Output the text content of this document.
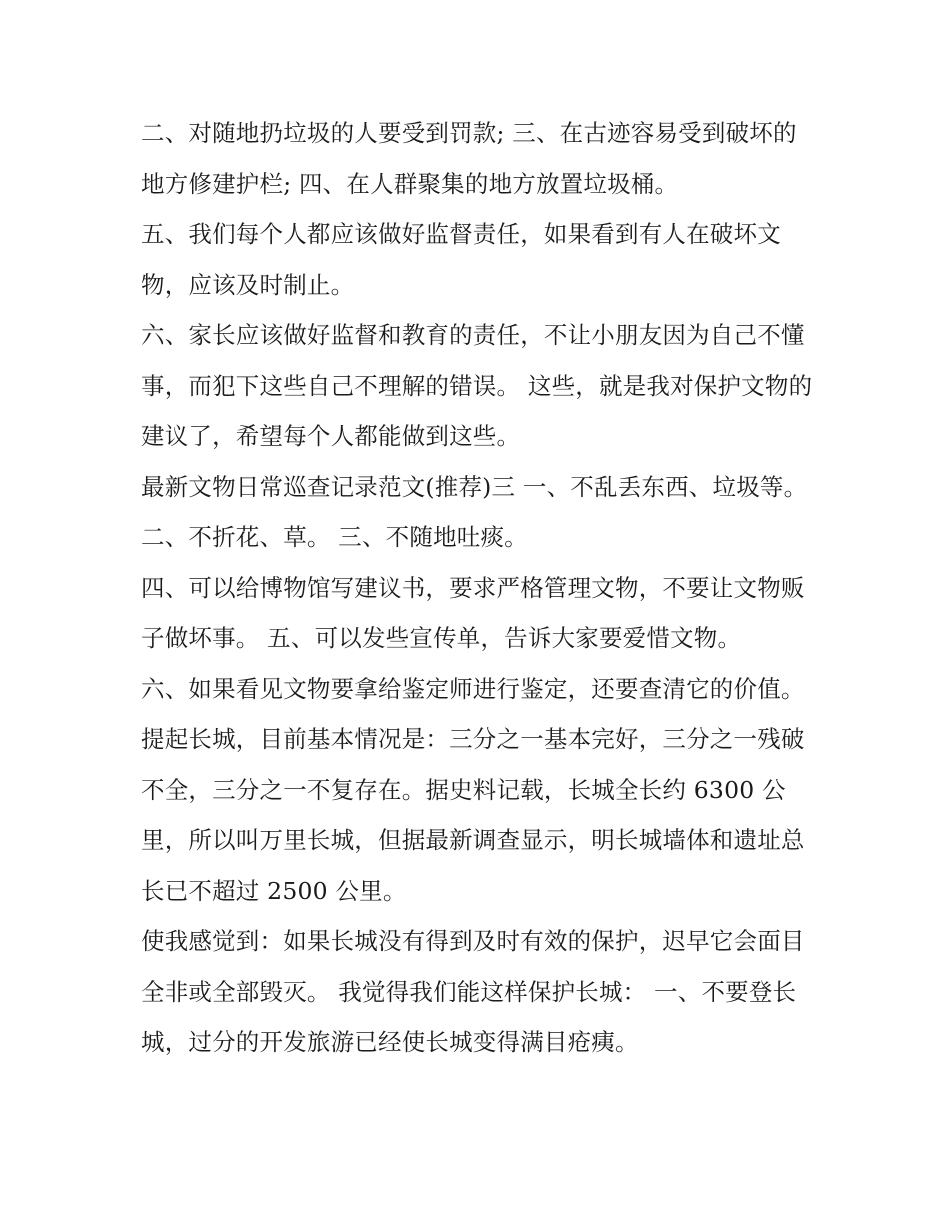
二、对随地扔垃圾的人要受到罚款; 三、在古迹容易受到破坏的地方修建护栏; 四、在人群聚集的地方放置垃圾桶。

五、我们每个人都应该做好监督责任，如果看到有人在破坏文物，应该及时制止。

六、家长应该做好监督和教育的责任，不让小朋友因为自己不懂事，而犯下这些自己不理解的错误。 这些，就是我对保护文物的建议了，希望每个人都能做到这些。

最新文物日常巡查记录范文(推荐)三 一、不乱丢东西、垃圾等。 二、不折花、草。 三、不随地吐痰。

四、可以给博物馆写建议书，要求严格管理文物，不要让文物贩子做坏事。 五、可以发些宣传单，告诉大家要爱惜文物。

六、如果看见文物要拿给鉴定师进行鉴定，还要查清它的价值。

提起长城，目前基本情况是：三分之一基本完好，三分之一残破不全，三分之一不复存在。据史料记载，长城全长约 6300 公里，所以叫万里长城，但据最新调查显示，明长城墙体和遗址总长已不超过 2500 公里。

使我感觉到：如果长城没有得到及时有效的保护，迟早它会面目全非或全部毁灭。 我觉得我们能这样保护长城： 一、不要登长城，过分的开发旅游已经使长城变得满目疮痍。
